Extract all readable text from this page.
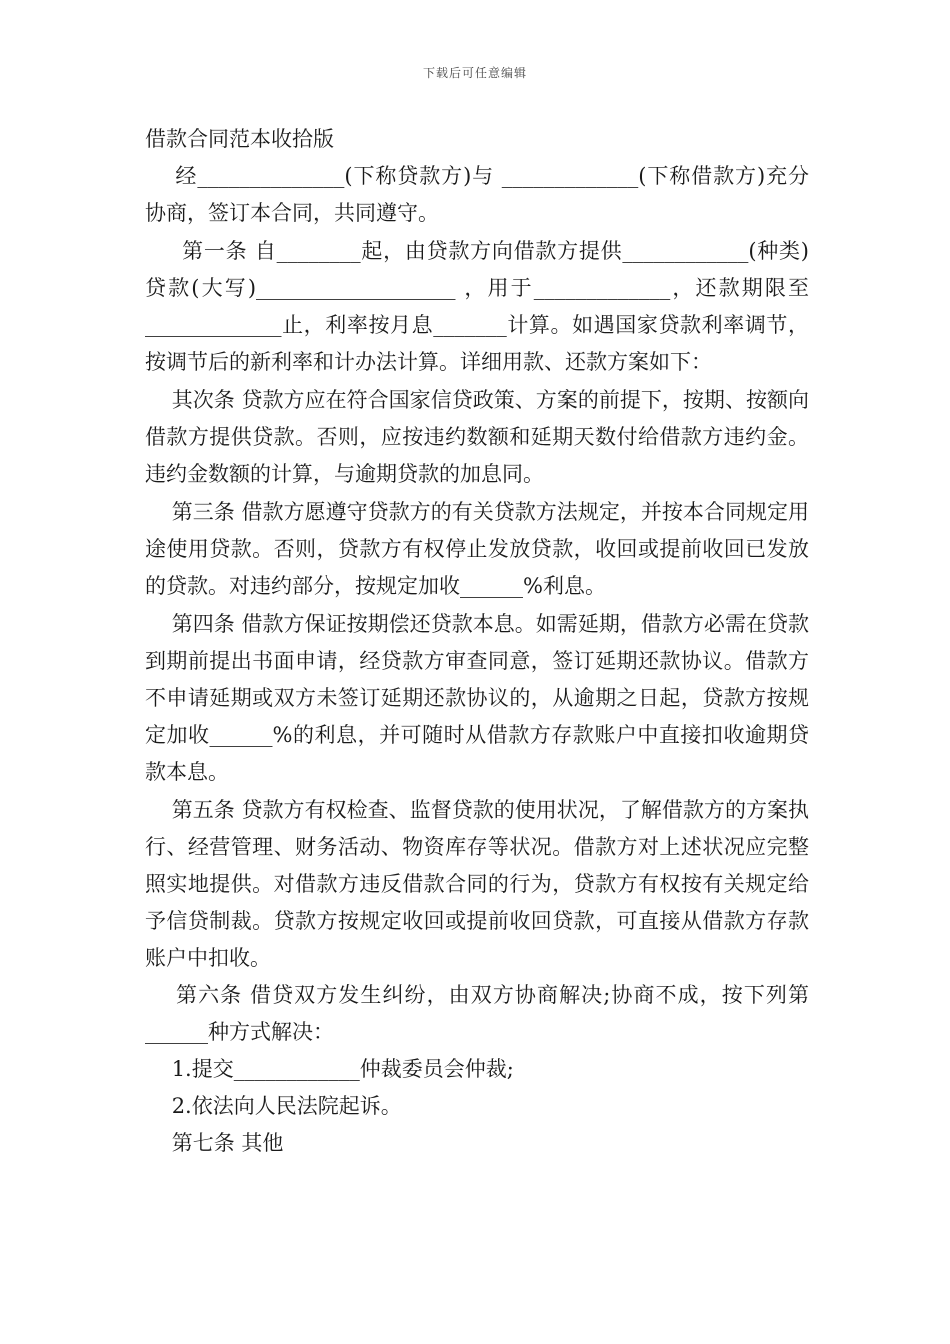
下载后可任意编辑
借款合同范本收拾版

经______________(下称贷款方)与 _____________(下称借款方)充分协商，签订本合同，共同遵守。

第一条 自________起，由贷款方向借款方提供____________(种类)贷款(大写)___________________ ，用于_____________，还款期限至_____________止，利率按月息_______计算。如遇国家贷款利率调节，按调节后的新利率和计办法计算。详细用款、还款方案如下：

其次条 贷款方应在符合国家信贷政策、方案的前提下，按期、按额向借款方提供贷款。否则，应按违约数额和延期天数付给借款方违约金。违约金数额的计算，与逾期贷款的加息同。

第三条 借款方愿遵守贷款方的有关贷款方法规定，并按本合同规定用途使用贷款。否则，贷款方有权停止发放贷款，收回或提前收回已发放的贷款。对违约部分，按规定加收______%利息。

第四条 借款方保证按期偿还贷款本息。如需延期，借款方必需在贷款到期前提出书面申请，经贷款方审查同意，签订延期还款协议。借款方不申请延期或双方未签订延期还款协议的，从逾期之日起，贷款方按规定加收______%的利息，并可随时从借款方存款账户中直接扣收逾期贷款本息。

第五条 贷款方有权检查、监督贷款的使用状况，了解借款方的方案执行、经营管理、财务活动、物资库存等状况。借款方对上述状况应完整照实地提供。对借款方违反借款合同的行为，贷款方有权按有关规定给予信贷制裁。贷款方按规定收回或提前收回贷款，可直接从借款方存款账户中扣收。

第六条 借贷双方发生纠纷，由双方协商解决;协商不成，按下列第______种方式解决：

1.提交____________仲裁委员会仲裁;

2.依法向人民法院起诉。

第七条 其他
